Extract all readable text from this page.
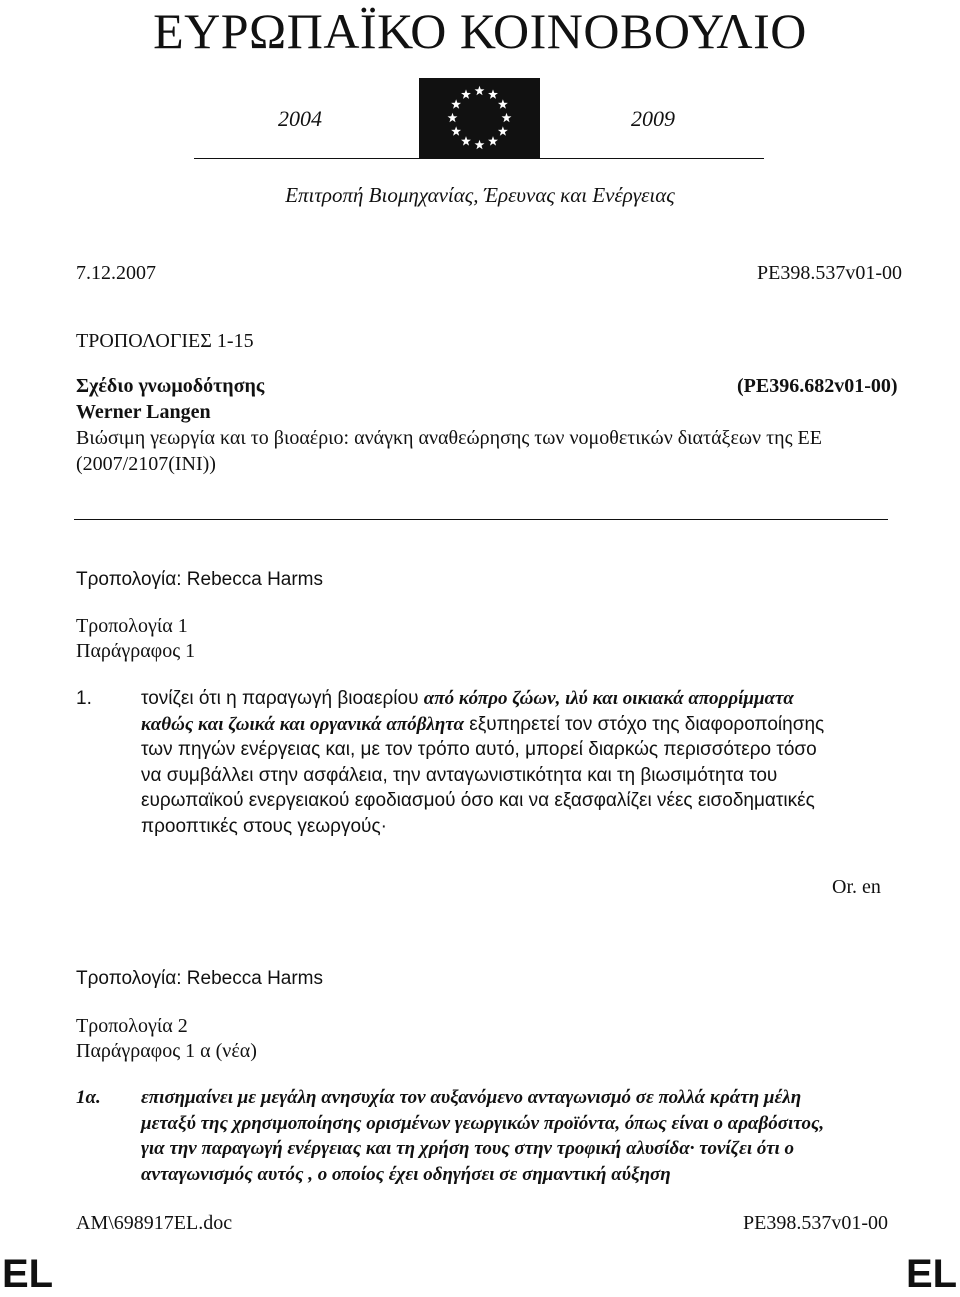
ΕΥΡΩΠΑΪΚΟ ΚΟΙΝΟΒΟΥΛΙΟ
2004	2009
Επιτροπή Βιομηχανίας, Έρευνας και Ενέργειας
7.12.2007	PE398.537v01-00
ΤΡΟΠΟΛΟΓΙΕΣ 1-15
Σχέδιο γνωμοδότησης	(PE396.682v01-00)
Werner Langen
Βιώσιμη γεωργία και το βιοαέριο: ανάγκη αναθεώρησης των νομοθετικών διατάξεων της ΕΕ
(2007/2107(INI))
Τροπολογία: Rebecca Harms
Τροπολογία 1
Παράγραφος 1
1.	τονίζει ότι η παραγωγή βιοαερίου από κόπρο ζώων, ιλύ και οικιακά απορρίμματα καθώς και ζωικά και οργανικά απόβλητα εξυπηρετεί τον στόχο της διαφοροποίησης των πηγών ενέργειας και, με τον τρόπο αυτό, μπορεί διαρκώς περισσότερο τόσο να συμβάλλει στην ασφάλεια, την ανταγωνιστικότητα και τη βιωσιμότητα του ευρωπαϊκού ενεργειακού εφοδιασμού όσο και να εξασφαλίζει νέες εισοδηματικές προοπτικές στους γεωργούς·
Or. en
Τροπολογία: Rebecca Harms
Τροπολογία 2
Παράγραφος 1 α (νέα)
1α. επισημαίνει με μεγάλη ανησυχία τον αυξανόμενο ανταγωνισμό σε πολλά κράτη μέλη μεταξύ της χρησιμοποίησης ορισμένων γεωργικών προϊόντα, όπως είναι ο αραβόσιτος, για την παραγωγή ενέργειας και τη χρήση τους στην τροφική αλυσίδα· τονίζει ότι ο ανταγωνισμός αυτός , ο οποίος έχει οδηγήσει σε σημαντική αύξηση
AM\698917EL.doc	PE398.537v01-00
EL	EL
